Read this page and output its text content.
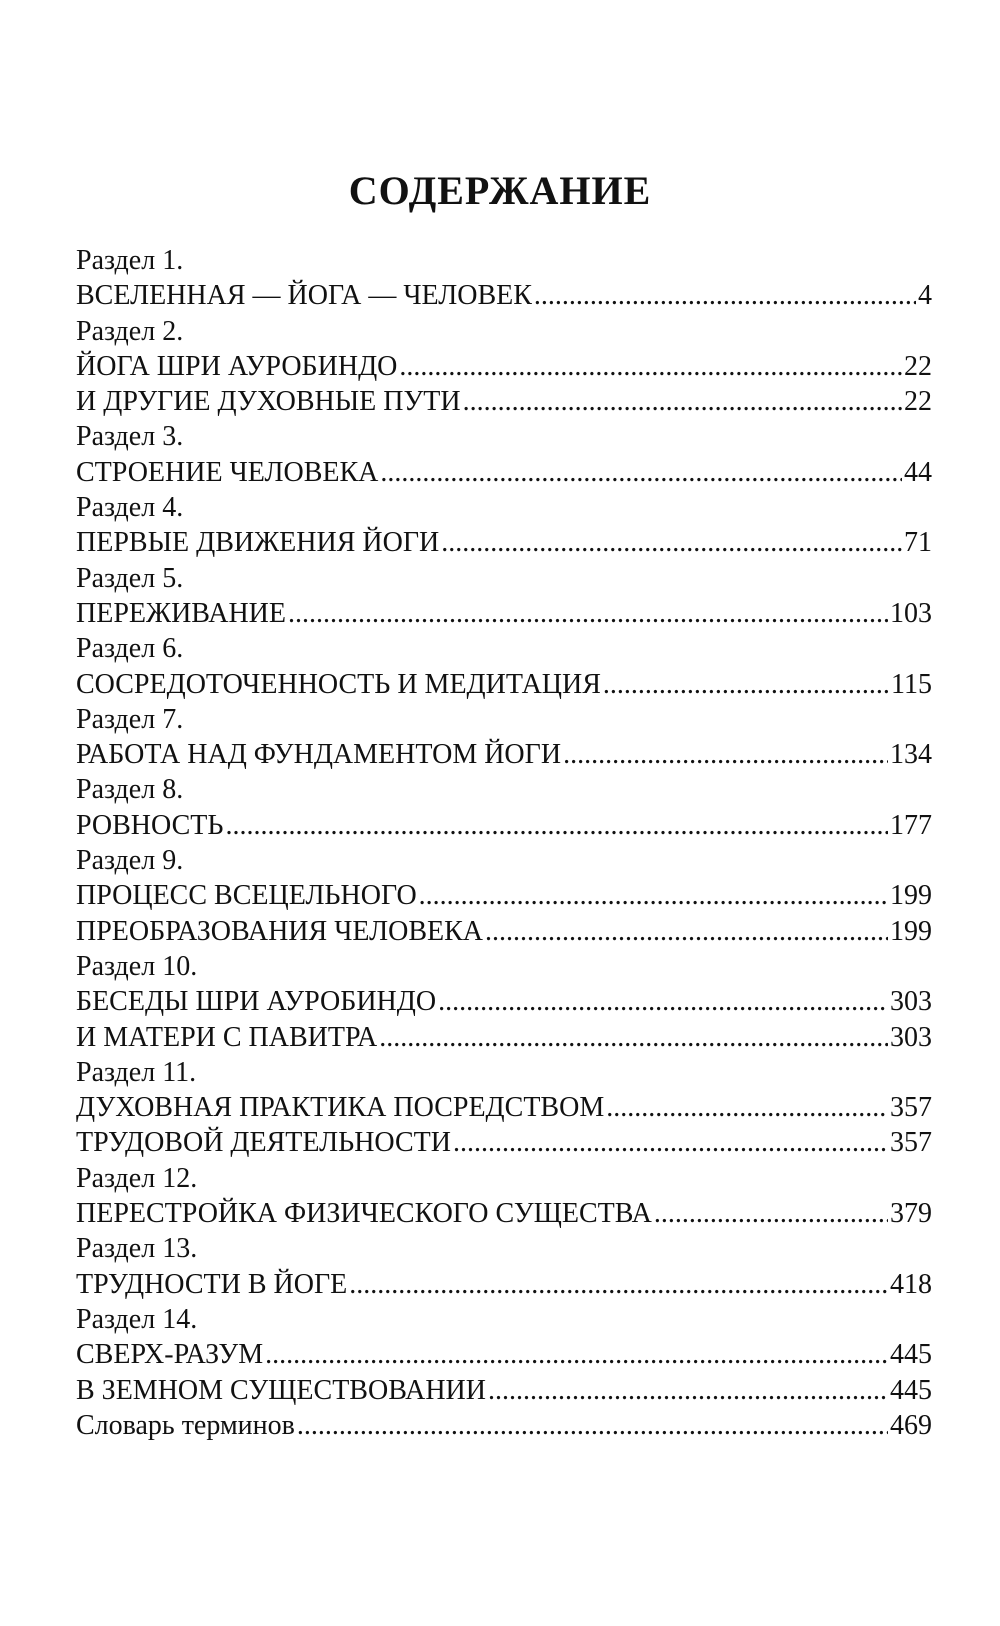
СОДЕРЖАНИЕ
Раздел 1.
ВСЕЛЕННАЯ — ЙОГА — ЧЕЛОВЕК .....	4
Раздел 2.
ЙОГА ШРИ АУРОБИНДО .....	22
И ДРУГИЕ ДУХОВНЫЕ ПУТИ .....	22
Раздел 3.
СТРОЕНИЕ ЧЕЛОВЕКА .....	44
Раздел 4.
ПЕРВЫЕ ДВИЖЕНИЯ ЙОГИ .....	71
Раздел 5.
ПЕРЕЖИВАНИЕ .....	103
Раздел 6.
СОСРЕДОТОЧЕННОСТЬ И МЕДИТАЦИЯ .....	115
Раздел 7.
РАБОТА НАД ФУНДАМЕНТОМ ЙОГИ .....	134
Раздел 8.
РОВНОСТЬ .....	177
Раздел 9.
ПРОЦЕСС ВСЕЦЕЛЬНОГО .....	199
ПРЕОБРАЗОВАНИЯ ЧЕЛОВЕКА .....	199
Раздел 10.
БЕСЕДЫ ШРИ АУРОБИНДО .....	303
И МАТЕРИ С ПАВИТРА .....	303
Раздел 11.
ДУХОВНАЯ ПРАКТИКА ПОСРЕДСТВОМ .....	357
ТРУДОВОЙ ДЕЯТЕЛЬНОСТИ .....	357
Раздел 12.
ПЕРЕСТРОЙКА ФИЗИЧЕСКОГО СУЩЕСТВА .....	379
Раздел 13.
ТРУДНОСТИ В ЙОГЕ .....	418
Раздел 14.
СВЕРХ-РАЗУМ .....	445
В ЗЕМНОМ СУЩЕСТВОВАНИИ .....	445
Словарь терминов .....	469
